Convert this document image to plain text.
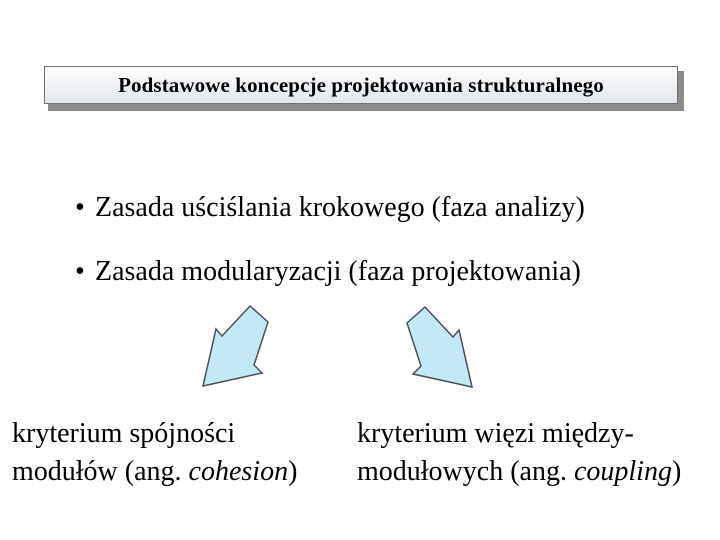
Podstawowe koncepcje projektowania strukturalnego
• Zasada uściślania krokowego (faza analizy)
• Zasada modularyzacji (faza projektowania)
kryterium spójności
modułów (ang. cohesion)
kryterium więzi między-
modułowych (ang. coupling)
